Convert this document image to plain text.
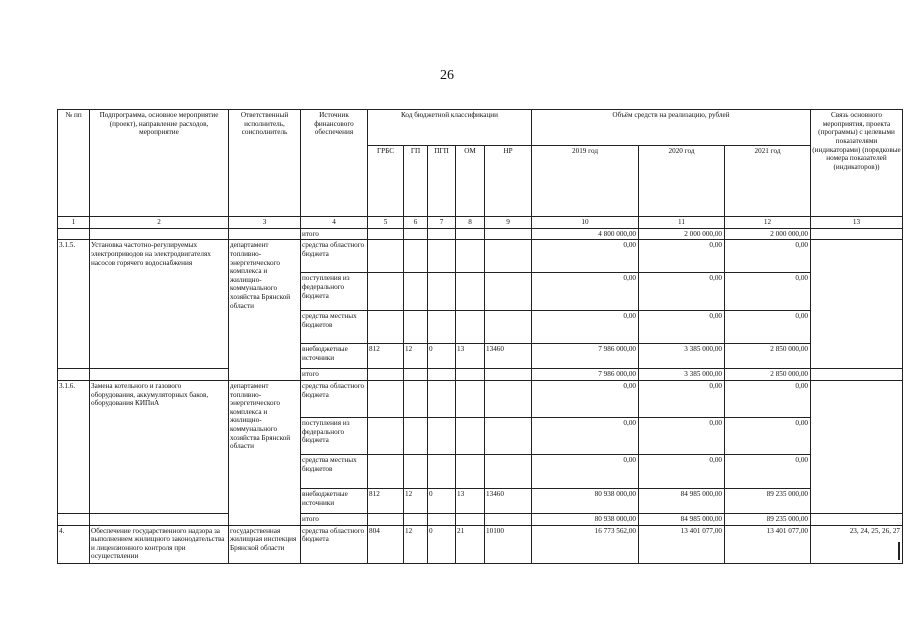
26
№ пп	Подпрограмма, основное мероприятие (проект), направление расходов, мероприятие	Ответственный исполнитель, соисполнитель	Источник финансового обеспечения	Код бюджетной классификации					Объём средств на реализацию, рублей			Связь основного мероприятия, проекта (программы) с целевыми показателями (индикаторами) (порядковые номера показателей (индикаторов))
				ГРБС	ГП	ПГП	ОМ	НР	2019 год	2020 год	2021 год	
1	2	3	4	5	6	7	8	9	10	11	12	13
			итого						4 800 000,00	2 000 000,00	2 000 000,00	
3.1.5.	Установка частотно-регулируемых электроприводов на электродвигателях насосов горячего водоснабжения	департамент топливно-энергетического комплекса и жилищно-коммунального хозяйства Брянской области	средства областного бюджета						0,00	0,00	0,00	
			поступления из федерального бюджета						0,00	0,00	0,00	
			средства местных бюджетов						0,00	0,00	0,00	
			внебюджетные источники	812	12	0	13	13460	7 986 000,00	3 385 000,00	2 850 000,00	
			итого						7 986 000,00	3 385 000,00	2 850 000,00	
3.1.6.	Замена котельного и газового оборудования, аккумуляторных баков, оборудования КИПиА	департамент топливно-энергетического комплекса и жилищно-коммунального хозяйства Брянской области	средства областного бюджета						0,00	0,00	0,00	
			поступления из федерального бюджета						0,00	0,00	0,00	
			средства местных бюджетов						0,00	0,00	0,00	
			внебюджетные источники	812	12	0	13	13460	80 938 000,00	84 985 000,00	89 235 000,00	
			итого						80 938 000,00	84 985 000,00	89 235 000,00	
4.	Обеспечение государственного надзора за выполнением жилищного законодательства и лицензионного контроля при осуществлении	государственная жилищная инспекция Брянской области	средства областного бюджета	804	12	0	21	10100	16 773 562,00	13 401 077,00	13 401 077,00	23, 24, 25, 26, 27
